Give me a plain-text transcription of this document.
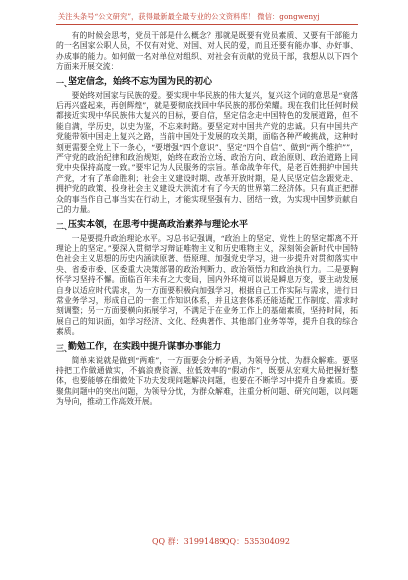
关注头条号“公文研究”，获得最新最全最专业的公文资料库！ 微信：gongwenyj

有的时候会思考，党员干部是什么概念？那就是既要有党员素质、又要有干部能力的一名国家公职人员，不仅有对党、对国、对人民的爱，而且还要有能办事、办好事、办成事的能力。如何做一名对单位对组织、对社会有贡献的党员干部，我想从以下四个方面来开展交流：

一、
坚定信念，始终不忘为国为民的初心

要始终对国家与民族的爱。要实现中华民族的伟大复兴，复兴这个词的意思是“衰落后再兴盛起来，再创辉煌”，就是要彻底找回中华民族的那份荣耀。现在我们比任何时候都接近实现中华民族伟大复兴的目标，要自信，坚定信念走中国特色的发展道路，但不能自满，学历史，以史为鉴，不忘来时路。要坚定对中国共产党的忠诚。只有中国共产党能带领中国走上复兴之路，当前中国处于发展的攻关期，面临各种严峻挑战，这种时刻更需要全党上下一条心，“要增强“四个意识”、坚定“四个自信”、做到“两个维护””，严守党的政治纪律和政治规矩，始终在政治立场、政治方向、政治原则、政治道路上同党中央保持高度一致。”要牢记为人民服务的宗旨。革命战争年代，是老百姓拥护中国共产党，才有了革命胜利；社会主义建设时期、改革开放时期，是人民坚定信念跟党走、拥护党的政策、投身社会主义建设大洪流才有了今天的世界第二经济体。只有真正把群众的事当作自己事当实在行动上，才能实现坚强有力、团结一致，为实现中国梦贡献自己的力量。

二、
压实本领，在思考中提高政治素养与理论水平

一是要提升政治理论水平。习总书记强调，“政治上的坚定、党性上的坚定都离不开理论上的坚定。”要深入贯彻学习辩证唯物主义和历史唯物主义，深刻领会新时代中国特色社会主义思想的历史内涵读原著、悟原理、加强党史学习，进一步提升对贯彻落实中央、省委市委、区委重大决策部署的政治判断力、政治领悟力和政治执行力。二是要胸怀学习坚持不懈。面临百年未有之大变局，国内外环境可以说是瞬息万变，要主动发展自身以适应时代需求，为一方面要积极向加强学习，根据自己工作实际与需求，进行日常业务学习，形成自己的一套工作知识体系，并且这套体系还能适配工作制度、需求时刻调整；另一方面要横向拓展学习，不满足于在业务工作上的基础素质，坚持时间，拓展自己的知识面，如学习经济、文化、经典著作、其他部门业务等等，提升自我的综合素质。

三、
勤勉工作，在实践中提升谋事办事能力

简单来说就是做到“两难”，一方面要会分析矛盾，为领导分忧、为群众解难。要坚持把工作做通做实，不搞浪费资源、拉低效率的“假动作”，既要从宏观大局把握好整体，也要能够在细微处下功夫发现问题解决问题，也要在不断学习中提升自身素质。要聚焦问题中的突出问题，为领导分忧，为群众解难，注重分析问题、研究问题，以问题为导向，推动工作高效开展。

QQ 群：31991489
QQ：535304092
